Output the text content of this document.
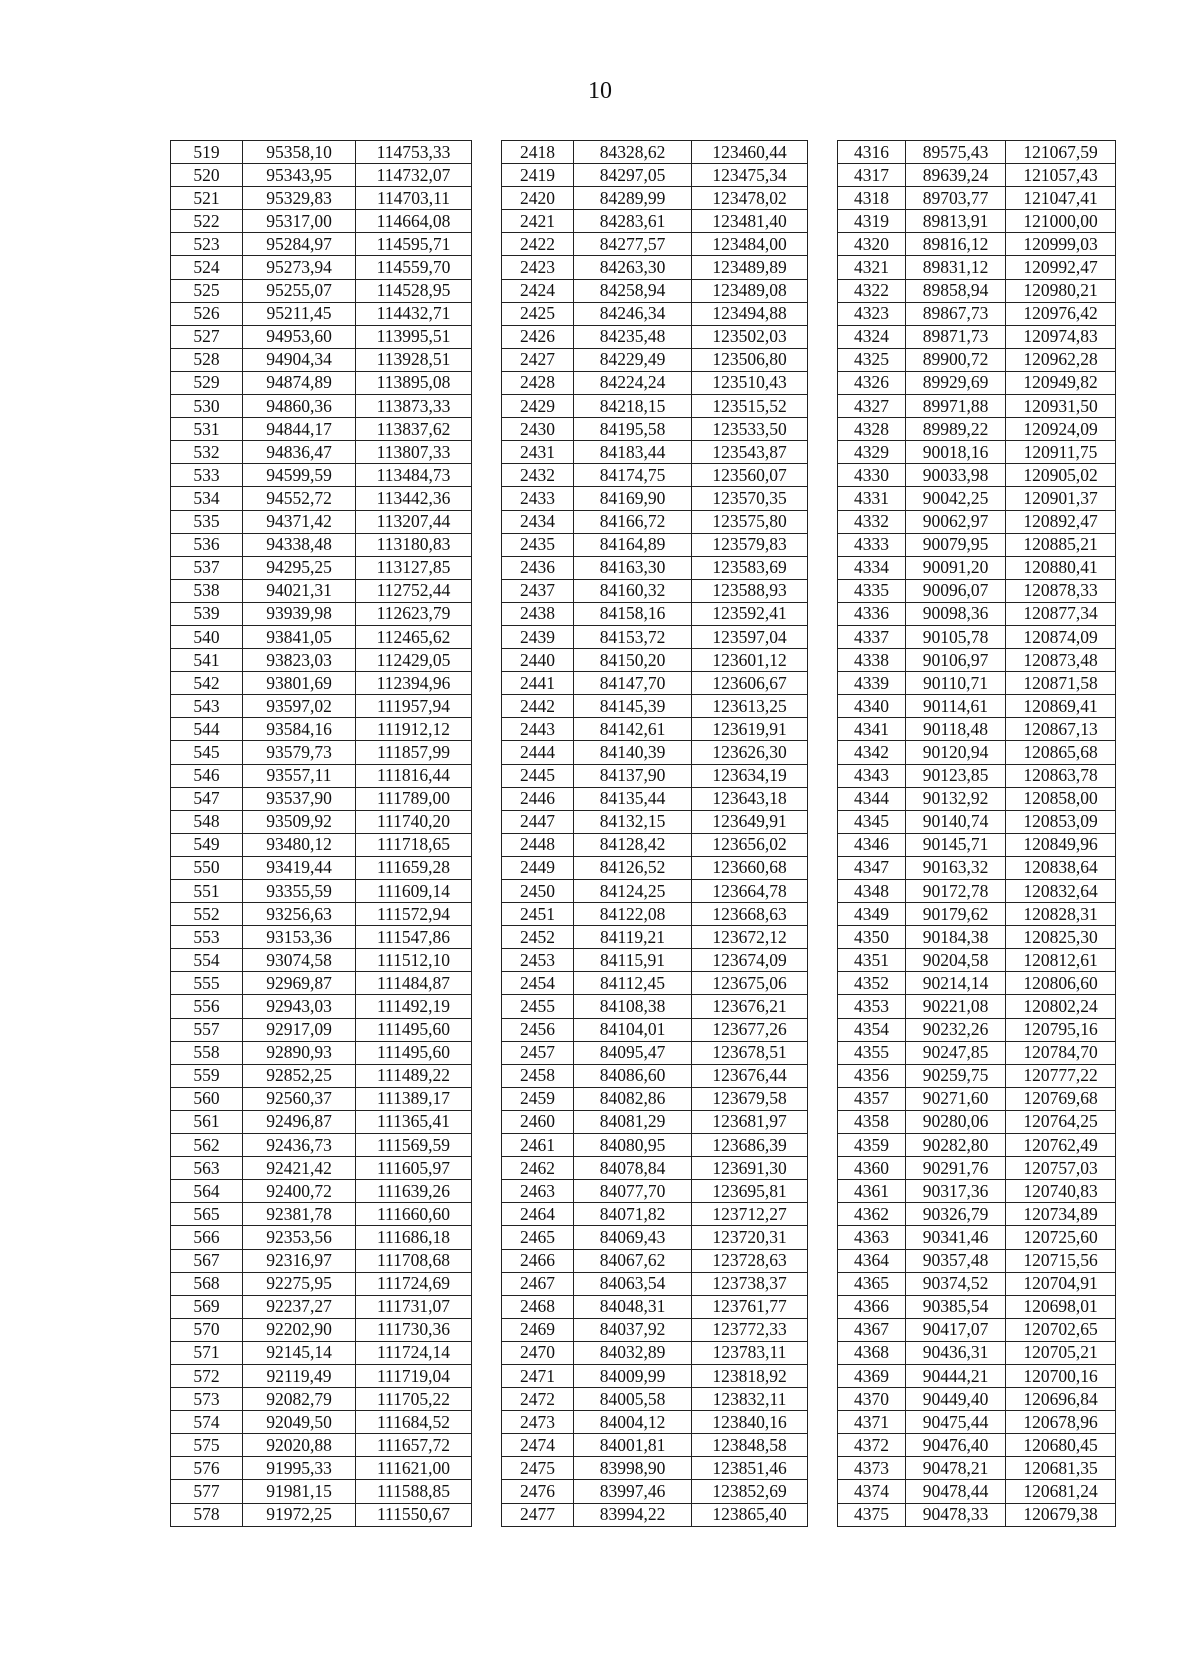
10
519	95358,10	114753,33		2418	84328,62	123460,44		4316	89575,43	121067,59
520	95343,95	114732,07		2419	84297,05	123475,34		4317	89639,24	121057,43
521	95329,83	114703,11		2420	84289,99	123478,02		4318	89703,77	121047,41
522	95317,00	114664,08		2421	84283,61	123481,40		4319	89813,91	121000,00
523	95284,97	114595,71		2422	84277,57	123484,00		4320	89816,12	120999,03
524	95273,94	114559,70		2423	84263,30	123489,89		4321	89831,12	120992,47
525	95255,07	114528,95		2424	84258,94	123489,08		4322	89858,94	120980,21
526	95211,45	114432,71		2425	84246,34	123494,88		4323	89867,73	120976,42
527	94953,60	113995,51		2426	84235,48	123502,03		4324	89871,73	120974,83
528	94904,34	113928,51		2427	84229,49	123506,80		4325	89900,72	120962,28
529	94874,89	113895,08		2428	84224,24	123510,43		4326	89929,69	120949,82
530	94860,36	113873,33		2429	84218,15	123515,52		4327	89971,88	120931,50
531	94844,17	113837,62		2430	84195,58	123533,50		4328	89989,22	120924,09
532	94836,47	113807,33		2431	84183,44	123543,87		4329	90018,16	120911,75
533	94599,59	113484,73		2432	84174,75	123560,07		4330	90033,98	120905,02
534	94552,72	113442,36		2433	84169,90	123570,35		4331	90042,25	120901,37
535	94371,42	113207,44		2434	84166,72	123575,80		4332	90062,97	120892,47
536	94338,48	113180,83		2435	84164,89	123579,83		4333	90079,95	120885,21
537	94295,25	113127,85		2436	84163,30	123583,69		4334	90091,20	120880,41
538	94021,31	112752,44		2437	84160,32	123588,93		4335	90096,07	120878,33
539	93939,98	112623,79		2438	84158,16	123592,41		4336	90098,36	120877,34
540	93841,05	112465,62		2439	84153,72	123597,04		4337	90105,78	120874,09
541	93823,03	112429,05		2440	84150,20	123601,12		4338	90106,97	120873,48
542	93801,69	112394,96		2441	84147,70	123606,67		4339	90110,71	120871,58
543	93597,02	111957,94		2442	84145,39	123613,25		4340	90114,61	120869,41
544	93584,16	111912,12		2443	84142,61	123619,91		4341	90118,48	120867,13
545	93579,73	111857,99		2444	84140,39	123626,30		4342	90120,94	120865,68
546	93557,11	111816,44		2445	84137,90	123634,19		4343	90123,85	120863,78
547	93537,90	111789,00		2446	84135,44	123643,18		4344	90132,92	120858,00
548	93509,92	111740,20		2447	84132,15	123649,91		4345	90140,74	120853,09
549	93480,12	111718,65		2448	84128,42	123656,02		4346	90145,71	120849,96
550	93419,44	111659,28		2449	84126,52	123660,68		4347	90163,32	120838,64
551	93355,59	111609,14		2450	84124,25	123664,78		4348	90172,78	120832,64
552	93256,63	111572,94		2451	84122,08	123668,63		4349	90179,62	120828,31
553	93153,36	111547,86		2452	84119,21	123672,12		4350	90184,38	120825,30
554	93074,58	111512,10		2453	84115,91	123674,09		4351	90204,58	120812,61
555	92969,87	111484,87		2454	84112,45	123675,06		4352	90214,14	120806,60
556	92943,03	111492,19		2455	84108,38	123676,21		4353	90221,08	120802,24
557	92917,09	111495,60		2456	84104,01	123677,26		4354	90232,26	120795,16
558	92890,93	111495,60		2457	84095,47	123678,51		4355	90247,85	120784,70
559	92852,25	111489,22		2458	84086,60	123676,44		4356	90259,75	120777,22
560	92560,37	111389,17		2459	84082,86	123679,58		4357	90271,60	120769,68
561	92496,87	111365,41		2460	84081,29	123681,97		4358	90280,06	120764,25
562	92436,73	111569,59		2461	84080,95	123686,39		4359	90282,80	120762,49
563	92421,42	111605,97		2462	84078,84	123691,30		4360	90291,76	120757,03
564	92400,72	111639,26		2463	84077,70	123695,81		4361	90317,36	120740,83
565	92381,78	111660,60		2464	84071,82	123712,27		4362	90326,79	120734,89
566	92353,56	111686,18		2465	84069,43	123720,31		4363	90341,46	120725,60
567	92316,97	111708,68		2466	84067,62	123728,63		4364	90357,48	120715,56
568	92275,95	111724,69		2467	84063,54	123738,37		4365	90374,52	120704,91
569	92237,27	111731,07		2468	84048,31	123761,77		4366	90385,54	120698,01
570	92202,90	111730,36		2469	84037,92	123772,33		4367	90417,07	120702,65
571	92145,14	111724,14		2470	84032,89	123783,11		4368	90436,31	120705,21
572	92119,49	111719,04		2471	84009,99	123818,92		4369	90444,21	120700,16
573	92082,79	111705,22		2472	84005,58	123832,11		4370	90449,40	120696,84
574	92049,50	111684,52		2473	84004,12	123840,16		4371	90475,44	120678,96
575	92020,88	111657,72		2474	84001,81	123848,58		4372	90476,40	120680,45
576	91995,33	111621,00		2475	83998,90	123851,46		4373	90478,21	120681,35
577	91981,15	111588,85		2476	83997,46	123852,69		4374	90478,44	120681,24
578	91972,25	111550,67		2477	83994,22	123865,40		4375	90478,33	120679,38
